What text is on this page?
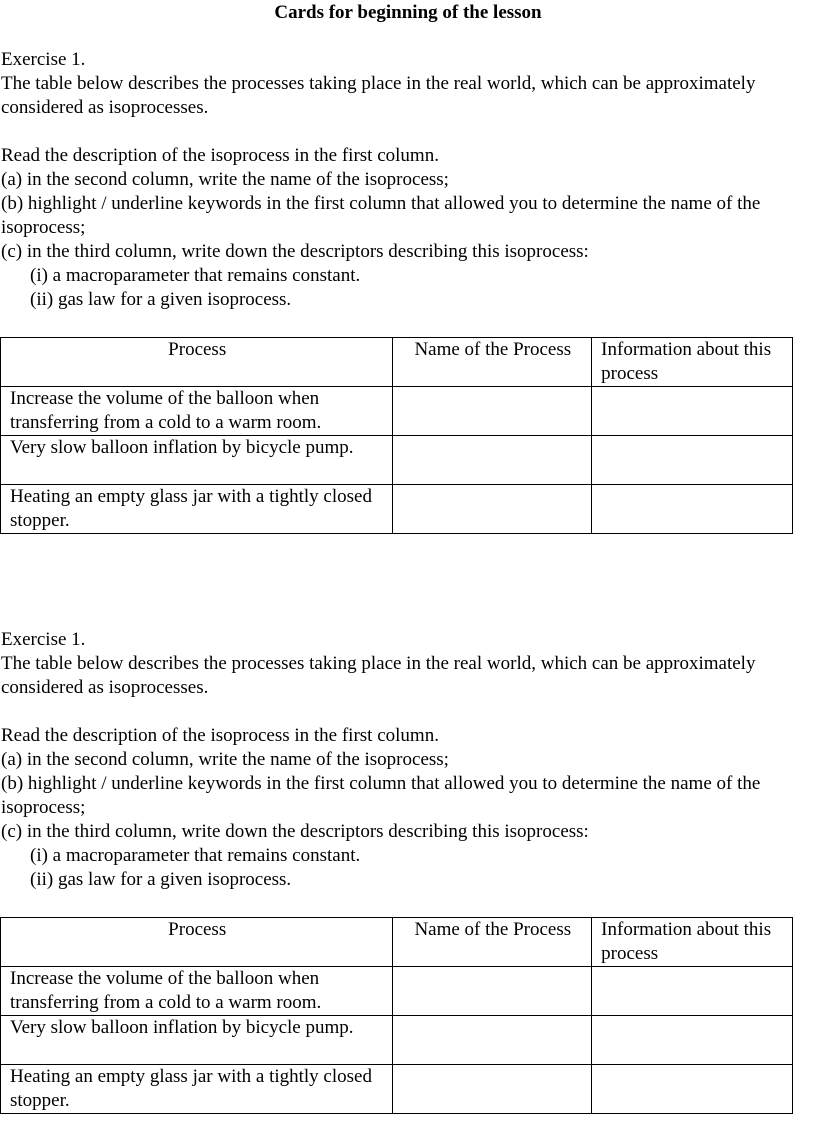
Cards for beginning of the lesson

Exercise 1.

The table below describes the processes taking place in the real world, which can be approximately considered as isoprocesses.

Read the description of the isoprocess in the first column.

(a) in the second column, write the name of the isoprocess;

(b) highlight / underline keywords in the first column that allowed you to determine the name of the isoprocess;

(c) in the third column, write down the descriptors describing this isoprocess:

(i) a macroparameter that remains constant.

(ii) gas law for a given isoprocess.

Process	Name of the Process	Information about this process
Increase the volume of the balloon when transferring from a cold to a warm room.		
Very slow balloon inflation by bicycle pump.		
Heating an empty glass jar with a tightly closed stopper.		

Exercise 1.

The table below describes the processes taking place in the real world, which can be approximately considered as isoprocesses.

Read the description of the isoprocess in the first column.

(a) in the second column, write the name of the isoprocess;

(b) highlight / underline keywords in the first column that allowed you to determine the name of the isoprocess;

(c) in the third column, write down the descriptors describing this isoprocess:

(i) a macroparameter that remains constant.

(ii) gas law for a given isoprocess.

Process	Name of the Process	Information about this process
Increase the volume of the balloon when transferring from a cold to a warm room.		
Very slow balloon inflation by bicycle pump.		
Heating an empty glass jar with a tightly closed stopper.		
